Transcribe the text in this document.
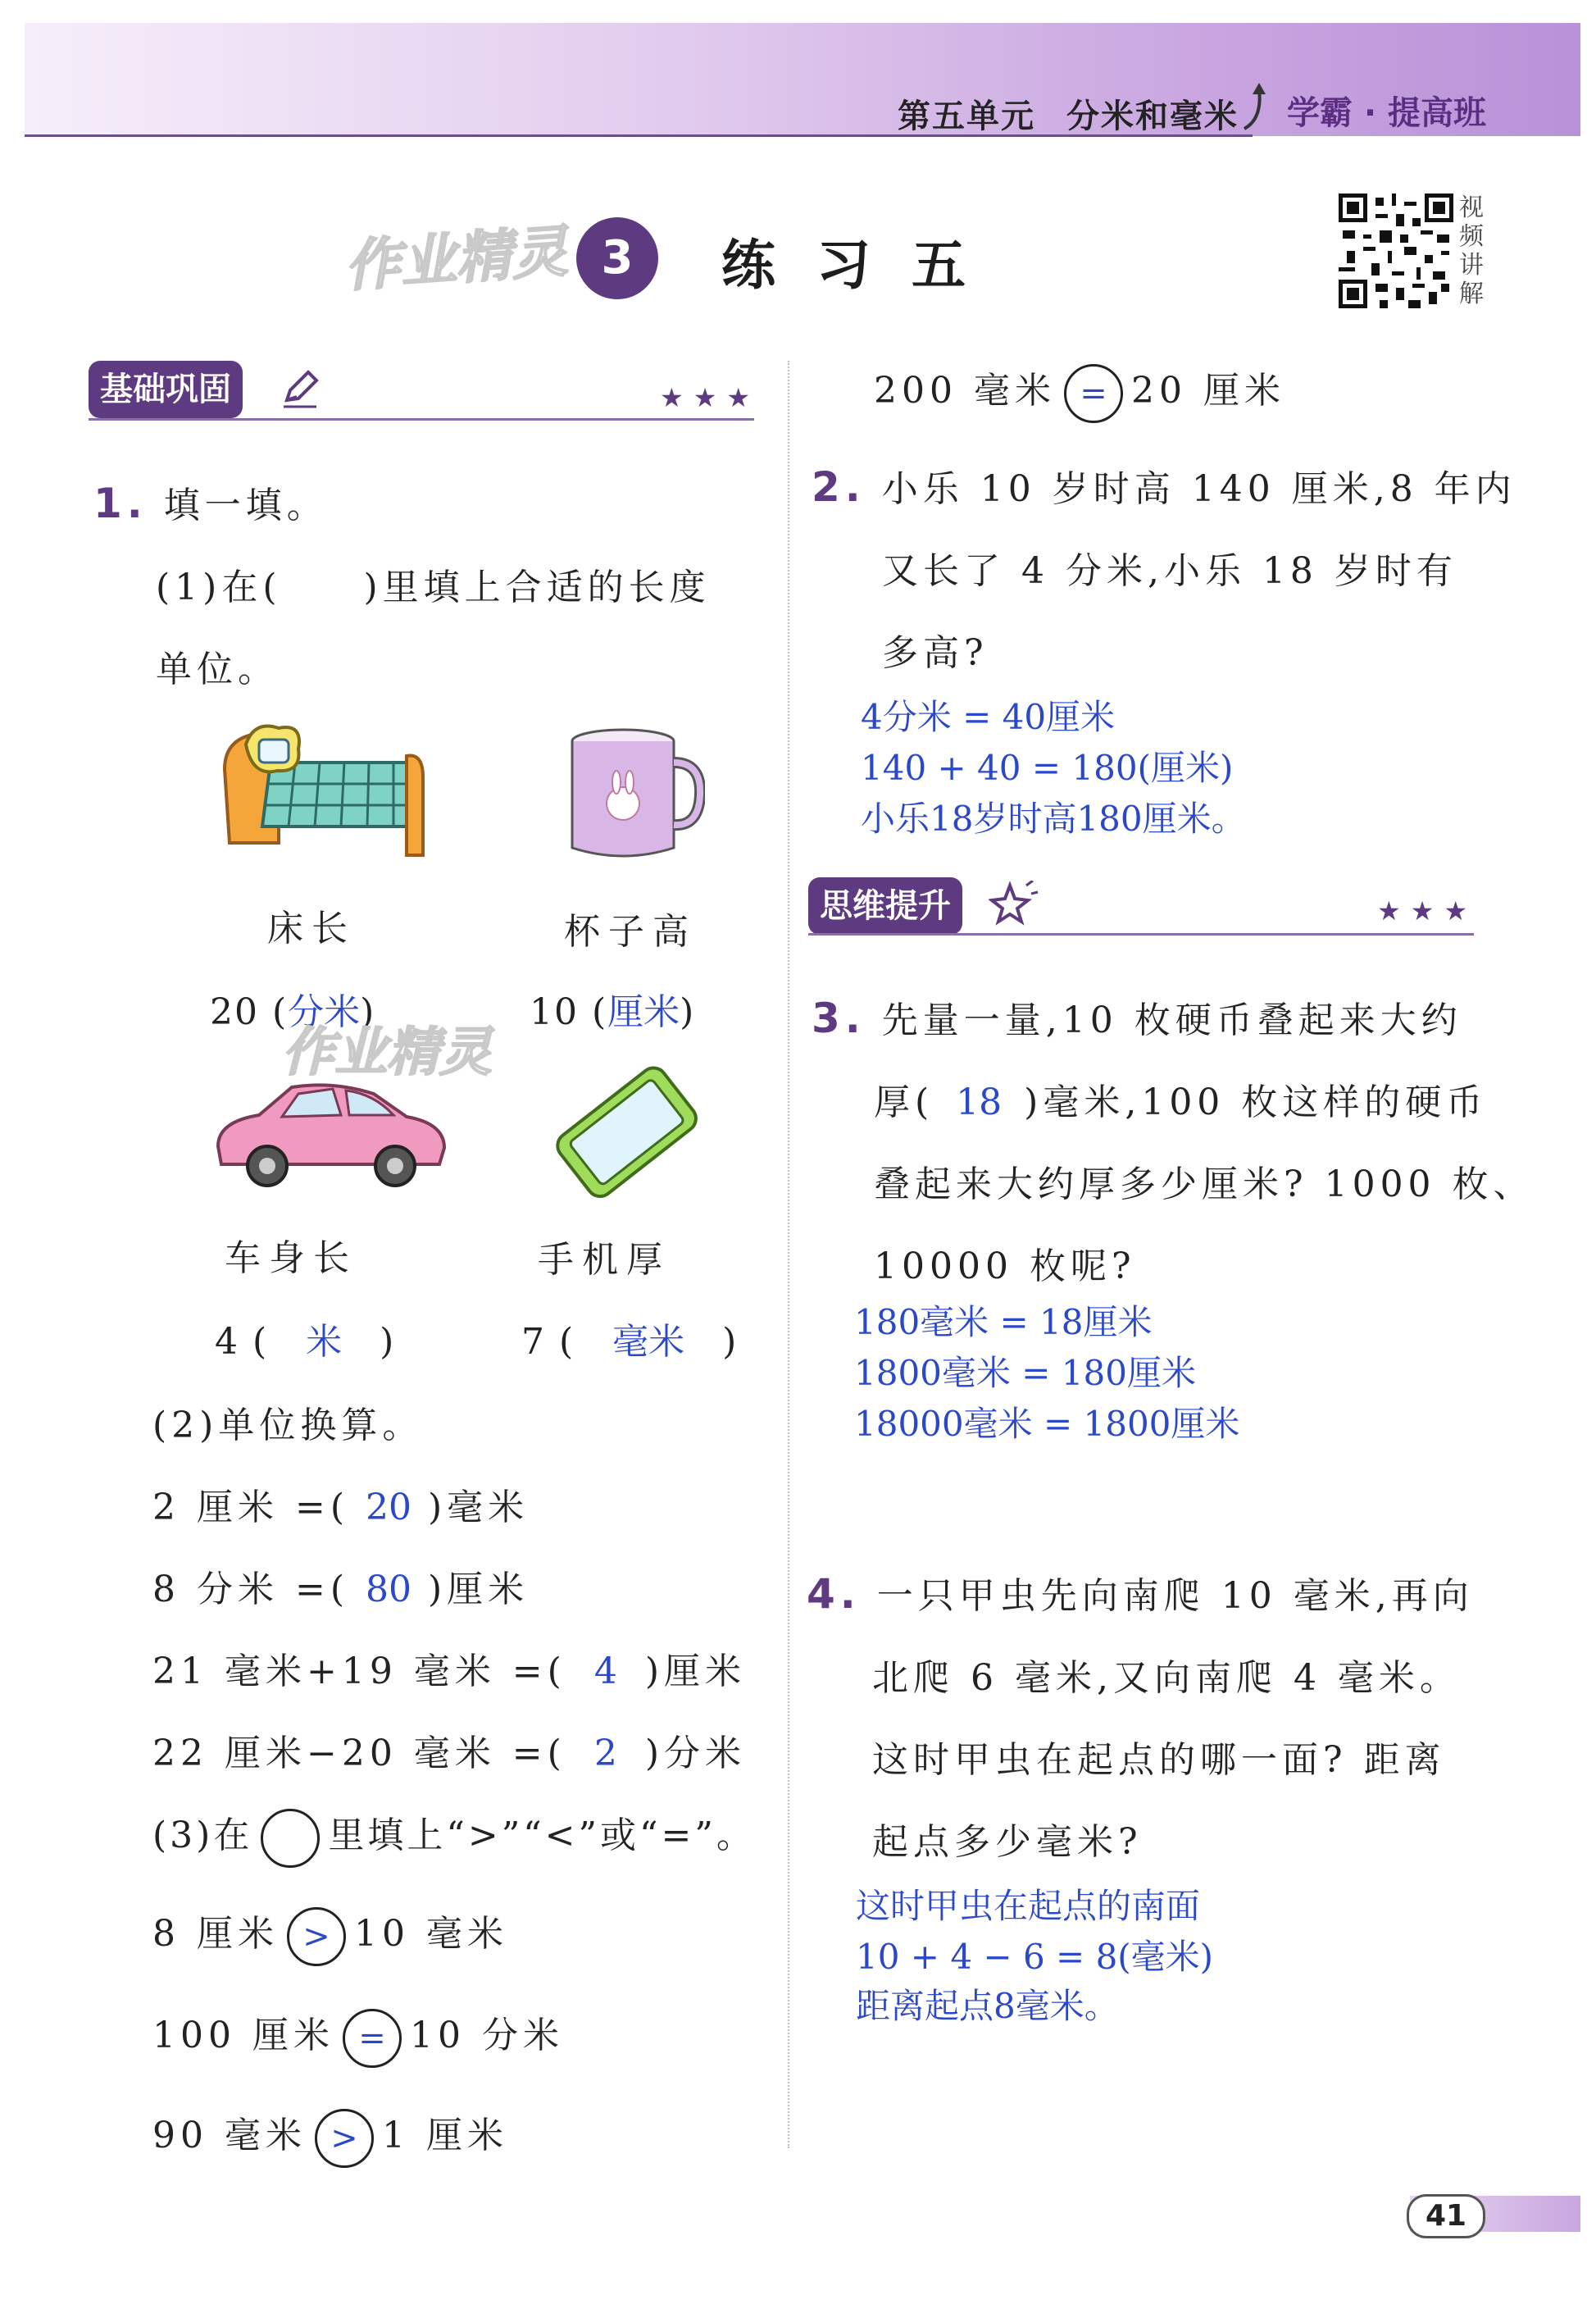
第五单元 分米和毫米 学霸 · 提高班
作业精灵 3	练习五
视频讲解
基础巩固	★★★
1. 填一填。
(1)在(　　)里填上合适的长度
单位。
床长	杯子高
20 (分米)	10 (厘米)
作业精灵
车身长	手机厚
4 (　米　)	7 (　毫米　)
(2)单位换算。
2 厘米 =( 20 )毫米
8 分米 =( 80 )厘米
21 毫米+19 毫米 =( 4 )厘米
22 厘米−20 毫米 =( 2 )分米
(3)在 里填上“>”“<”或“=”。
8 厘米 > 10 毫米
100 厘米 = 10 分米
90 毫米 > 1 厘米
200 毫米 = 20 厘米
2. 小乐 10 岁时高 140 厘米,8 年内
又长了 4 分米,小乐 18 岁时有
多高?
4分米 = 40厘米
140 + 40 = 180(厘米)
小乐18岁时高180厘米。
思维提升	★★★
3. 先量一量,10 枚硬币叠起来大约
厚( 18 )毫米,100 枚这样的硬币
叠起来大约厚多少厘米? 1000 枚、
10000 枚呢?
180毫米 = 18厘米
1800毫米 = 180厘米
18000毫米 = 1800厘米
4. 一只甲虫先向南爬 10 毫米,再向
北爬 6 毫米,又向南爬 4 毫米。
这时甲虫在起点的哪一面? 距离
起点多少毫米?
这时甲虫在起点的南面
10 + 4 − 6 = 8(毫米)
距离起点8毫米。
41
